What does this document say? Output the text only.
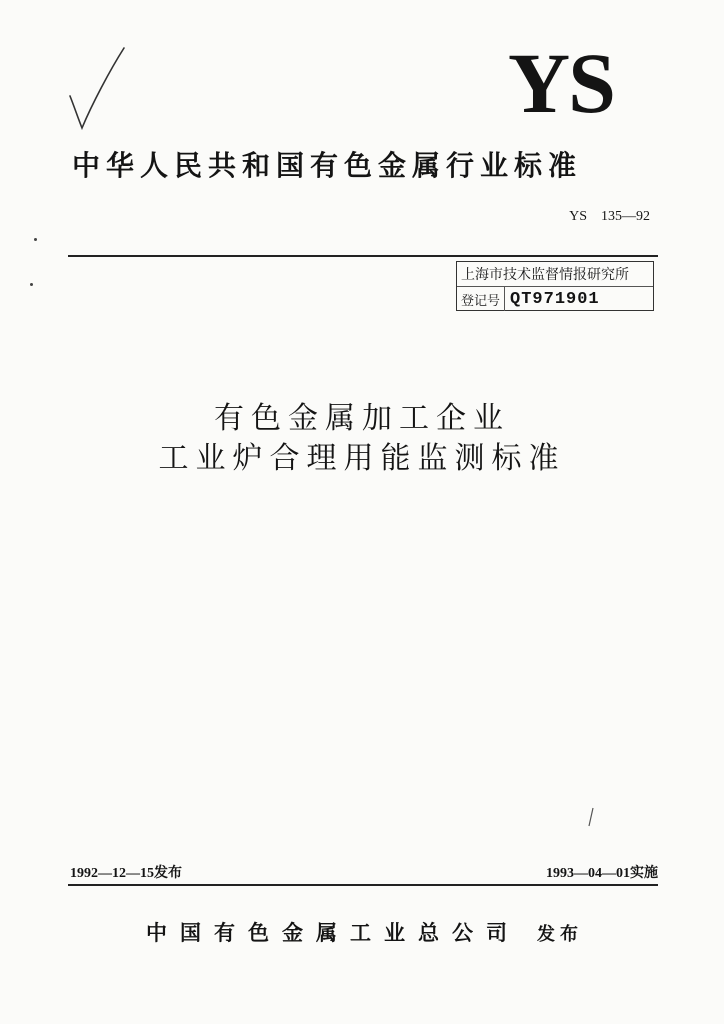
YS
中华人民共和国有色金属行业标准
YS　135—92
上海市技术监督情报研究所
登记号 QT971901
有色金属加工企业
工业炉合理用能监测标准
1992—12—15发布	1993—04—01实施
中国有色金属工业总公司 发布
